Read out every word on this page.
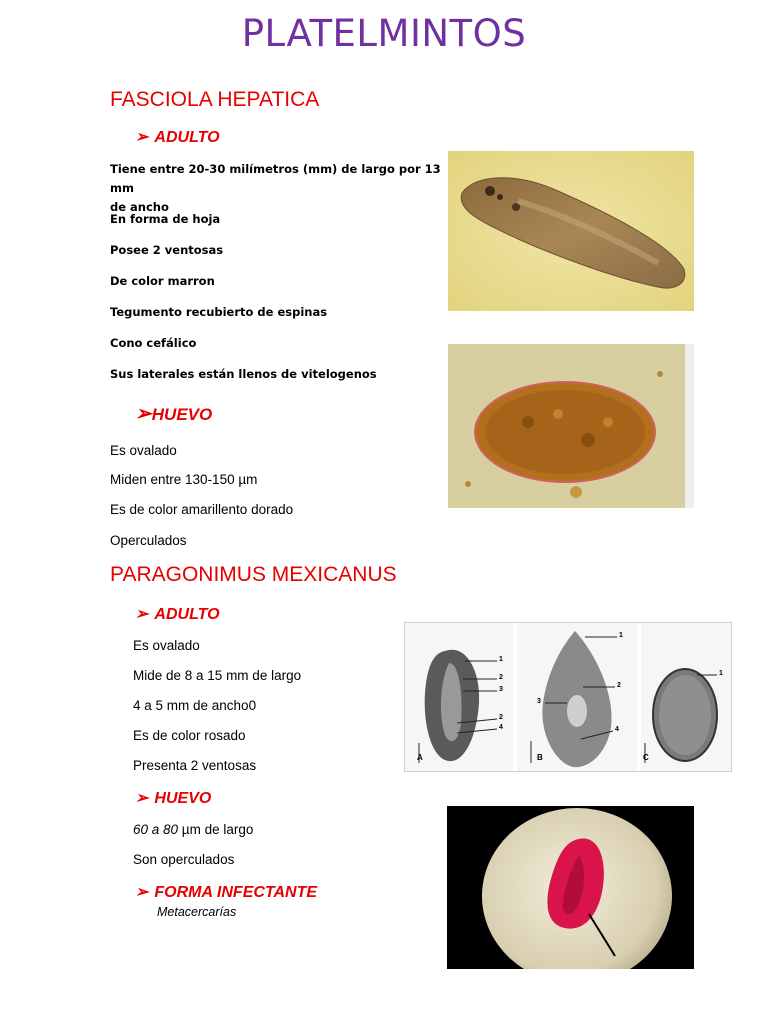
PLATELMINTOS
FASCIOLA HEPATICA
➢ ADULTO
Tiene entre 20-30 milímetros (mm) de largo por 13 mm
de ancho
En forma de hoja
Posee 2 ventosas
De color marron
Tegumento recubierto de espinas
Cono cefálico
Sus laterales están llenos de vitelogenos
➢HUEVO
Es ovalado
Miden entre 130-150 µm
Es de color amarillento dorado
Operculados
PARAGONIMUS MEXICANUS
➢ ADULTO
Es ovalado
Mide de 8 a 15 mm de largo
4 a 5 mm de ancho0
Es de color rosado
Presenta 2 ventosas
➢ HUEVO
60 a 80 µm de largo
Son operculados
➢ FORMA INFECTANTE
Metacercarías
A	B	C
1
2
3
2
4
1
2
3
4
1
